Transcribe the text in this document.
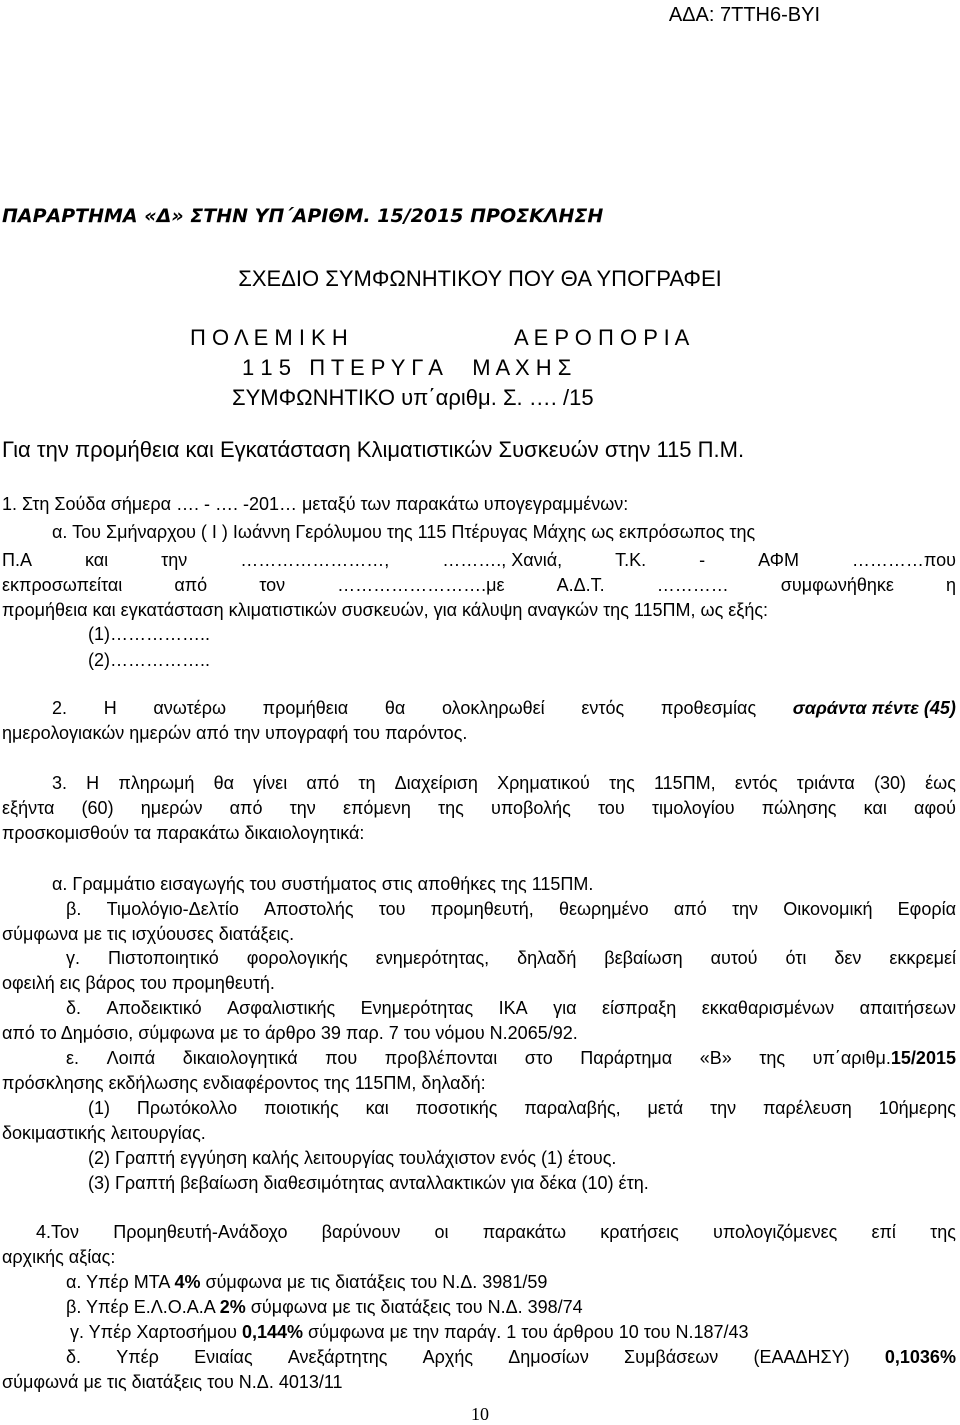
ΑΔΑ: 7ΤΤΗ6-ΒΥΙ
ΠΑΡΑΡΤΗΜΑ «Δ» ΣΤΗΝ ΥΠ΄ΑΡΙΘΜ. 15/2015 ΠΡΟΣΚΛΗΣΗ
ΣΧΕΔΙΟ ΣΥΜΦΩΝΗΤΙΚΟΥ ΠΟΥ ΘΑ ΥΠΟΓΡΑΦΕΙ
Π Ο Λ Ε Μ Ι Κ Η	Α Ε Ρ Ο Π Ο Ρ Ι Α
1 1 5   Π Τ Ε Ρ Υ Γ Α     Μ Α Χ Η Σ
ΣΥΜΦΩΝΗΤΙΚΟ υπ΄αριθμ. Σ. …. /15
Για την προμήθεια και Εγκατάσταση Κλιματιστικών Συσκευών στην 115 Π.Μ.
1. Στη Σούδα σήμερα …. - …. -201… μεταξύ των παρακάτω υπογεγραμμένων:
α. Του Σμήναρχου ( Ι ) Ιωάννη Γερόλυμου της 115 Πτέρυγας Μάχης ως εκπρόσωπος της
Π.Α	και	την	……………………,	………., Χανιά,	Τ.Κ.	-	ΑΦΜ	…………που
εκπροσωπείται	από	τον	…………………….με	Α.Δ.Τ.	…………	συμφωνήθηκε	η
προμήθεια και εγκατάσταση κλιματιστικών συσκευών, για κάλυψη αναγκών της 115ΠΜ, ως εξής:
(1)……………..
(2)……………..
2. Η ανωτέρω προμήθεια θα ολοκληρωθεί εντός προθεσμίας σαράντα πέντε (45)
ημερολογιακών ημερών από την υπογραφή του παρόντος.
3. Η πληρωμή θα γίνει από τη Διαχείριση Χρηματικού της 115ΠΜ, εντός τριάντα (30) έως
εξήντα (60) ημερών από την επόμενη της υποβολής του τιμολογίου πώλησης και αφού
προσκομισθούν τα παρακάτω δικαιολογητικά:
α. Γραμμάτιο εισαγωγής του συστήματος στις αποθήκες της 115ΠΜ.
β. Τιμολόγιο-Δελτίο Αποστολής του προμηθευτή, θεωρημένο από την Οικονομική Εφορία
σύμφωνα με τις ισχύουσες διατάξεις.
γ. Πιστοποιητικό φορολογικής ενημερότητας, δηλαδή βεβαίωση αυτού ότι δεν εκκρεμεί
οφειλή εις βάρος του προμηθευτή.
δ. Αποδεικτικό Ασφαλιστικής Ενημερότητας ΙΚΑ για είσπραξη εκκαθαρισμένων απαιτήσεων
από το Δημόσιο, σύμφωνα με το άρθρο 39 παρ. 7 του νόμου Ν.2065/92.
ε. Λοιπά δικαιολογητικά που προβλέπονται στο Παράρτημα «Β» της υπ΄αριθμ.15/2015
πρόσκλησης εκδήλωσης ενδιαφέροντος της 115ΠΜ, δηλαδή:
(1) Πρωτόκολλο ποιοτικής και ποσοτικής παραλαβής, μετά την παρέλευση 10ήμερης
δοκιμαστικής λειτουργίας.
(2) Γραπτή εγγύηση καλής λειτουργίας τουλάχιστον ενός (1) έτους.
(3) Γραπτή βεβαίωση διαθεσιμότητας ανταλλακτικών για δέκα (10) έτη.
4.Τον Προμηθευτή-Ανάδοχο βαρύνουν οι παρακάτω κρατήσεις υπολογιζόμενες επί της
αρχικής αξίας:
α. Υπέρ ΜΤΑ 4% σύμφωνα με τις διατάξεις του Ν.Δ. 3981/59
β. Υπέρ Ε.Λ.Ο.Α.Α 2% σύμφωνα με τις διατάξεις του Ν.Δ. 398/74
γ. Υπέρ Χαρτοσήμου 0,144% σύμφωνα με την παράγ. 1 του άρθρου 10 του Ν.187/43
δ. Υπέρ Ενιαίας Ανεξάρτητης Αρχής Δημοσίων Συμβάσεων (ΕΑΑΔΗΣΥ) 0,1036%
σύμφωνά με τις διατάξεις του Ν.Δ. 4013/11
10
